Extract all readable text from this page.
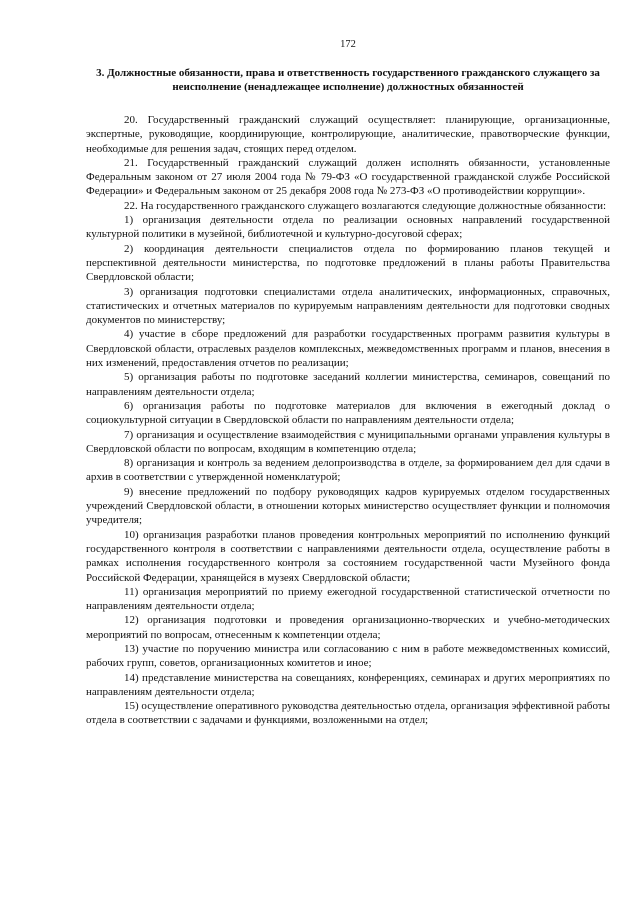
172
3. Должностные обязанности, права и ответственность государственного гражданского служащего за неисполнение (ненадлежащее исполнение) должностных обязанностей

20. Государственный гражданский служащий осуществляет: планирующие, организационные, экспертные, руководящие, координирующие, контролирующие, аналитические, правотворческие функции, необходимые для решения задач, стоящих перед отделом.

21. Государственный гражданский служащий должен исполнять обязанности, установленные Федеральным законом от 27 июля 2004 года № 79-ФЗ «О государственной гражданской службе Российской Федерации» и Федеральным законом от 25 декабря 2008 года № 273-ФЗ «О противодействии коррупции».

22. На государственного гражданского служащего возлагаются следующие должностные обязанности:

1) организация деятельности отдела по реализации основных направлений государственной культурной политики в музейной, библиотечной и культурно-досуговой сферах;

2) координация деятельности специалистов отдела по формированию планов текущей и перспективной деятельности министерства, по подготовке предложений в планы работы Правительства Свердловской области;

3) организация подготовки специалистами отдела аналитических, информационных, справочных, статистических и отчетных материалов по курируемым направлениям деятельности для подготовки сводных документов по министерству;

4) участие в сборе предложений для разработки государственных программ развития культуры в Свердловской области, отраслевых разделов комплексных, межведомственных программ и планов, внесения в них изменений, предоставления отчетов по реализации;

5) организация работы по подготовке заседаний коллегии министерства, семинаров, совещаний по направлениям деятельности отдела;

6) организация работы по подготовке материалов для включения в ежегодный доклад о социокультурной ситуации в Свердловской области по направлениям деятельности отдела;

7) организация и осуществление взаимодействия с муниципальными органами управления культуры в Свердловской области по вопросам, входящим в компетенцию отдела;

8) организация и контроль за ведением делопроизводства в отделе, за формированием дел для сдачи в архив в соответствии с утвержденной номенклатурой;

9) внесение предложений по подбору руководящих кадров курируемых отделом государственных учреждений Свердловской области, в отношении которых министерство осуществляет функции и полномочия учредителя;

10) организация разработки планов проведения контрольных мероприятий по исполнению функций государственного контроля в соответствии с направлениями деятельности отдела, осуществление работы в рамках исполнения государственного контроля за состоянием государственной части Музейного фонда Российской Федерации, хранящейся в музеях Свердловской области;

11) организация мероприятий по приему ежегодной государственной статистической отчетности по направлениям деятельности отдела;

12) организация подготовки и проведения организационно-творческих и учебно-методических мероприятий по вопросам, отнесенным к компетенции отдела;

13) участие по поручению министра или согласованию с ним в работе межведомственных комиссий, рабочих групп, советов, организационных комитетов и иное;

14) представление министерства на совещаниях, конференциях, семинарах и других мероприятиях по направлениям деятельности отдела;

15) осуществление оперативного руководства деятельностью отдела, организация эффективной работы отдела в соответствии с задачами и функциями, возложенными на отдел;
